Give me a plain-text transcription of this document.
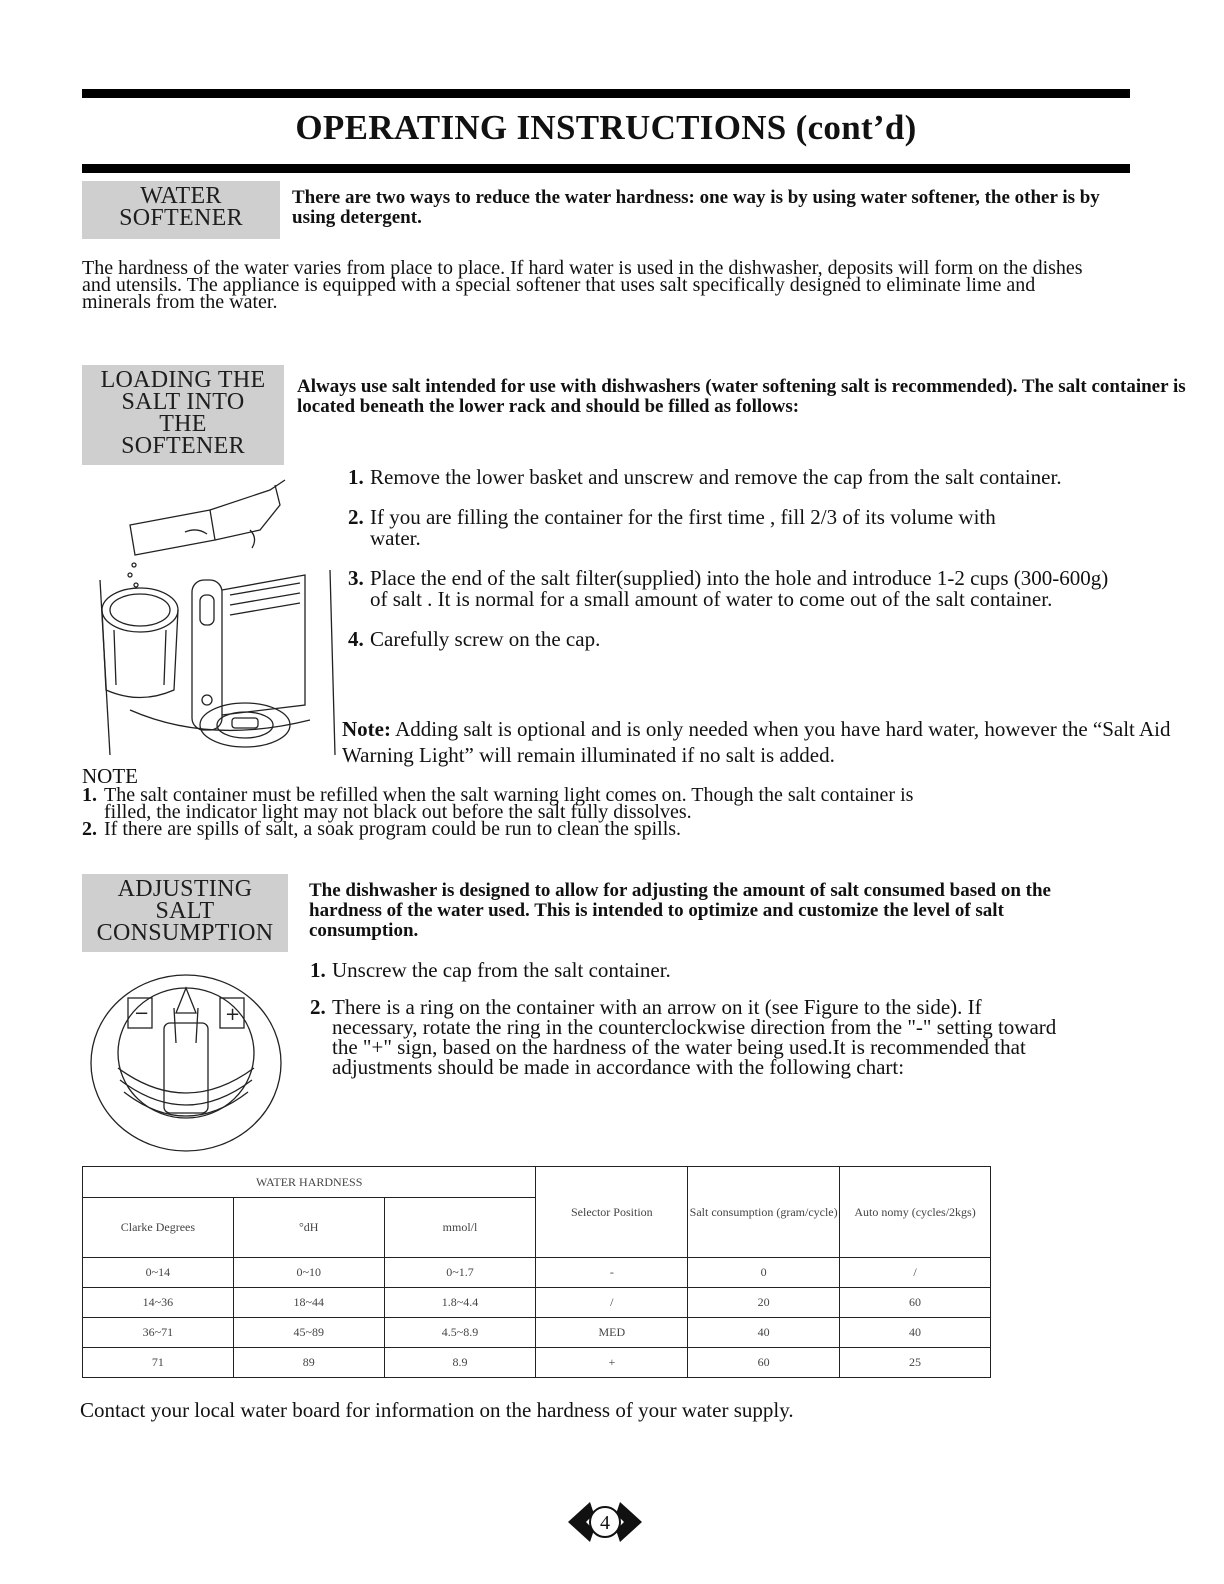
OPERATING INSTRUCTIONS (cont’d)
WATER
SOFTENER
There are two ways to reduce the water hardness: one way is by using water softener, the other is by using detergent.
The hardness of the water varies from place to place. If hard water is used in the dishwasher, deposits will form on the dishes and utensils. The appliance is equipped with a special softener that uses salt specifically designed to eliminate lime and minerals from the water.
LOADING THE
SALT INTO
THE
SOFTENER
Always use salt intended for use with dishwashers (water softening salt is recommended). The salt container is located beneath the lower rack and should be filled as follows:
1. Remove the lower basket and unscrew and remove the cap from the salt container.
2. If you are filling the container for the first time , fill 2/3 of its volume with water.
3. Place the end of the salt filter(supplied) into the hole and introduce 1-2 cups (300-600g) of salt . It is normal for a small amount of water to come out of the salt container.
4. Carefully screw on the cap.
Note: Adding salt is optional and is only needed when you have hard water, however the “Salt Aid Warning Light” will remain illuminated if no salt is added.
NOTE
1. The salt container must be refilled when the salt warning light comes on. Though the salt container is filled, the indicator light may not black out before the salt fully dissolves.
2. If there are spills of salt, a soak program could be run to clean the spills.
ADJUSTING
SALT
CONSUMPTION
The dishwasher is designed to allow for adjusting the amount of salt consumed based on the hardness of the water used. This is intended to optimize and customize the level of salt consumption.
−	+
1. Unscrew the cap from the salt container.
2. There is a ring on the container with an arrow on it (see Figure to the side). If necessary, rotate the ring in the counterclockwise direction from the "-" setting toward the "+" sign, based on the hardness of the water being used.It is recommended that adjustments should be made in accordance with the following chart:
WATER HARDNESS			Selector Position	Salt consumption (gram/cycle)	Auto nomy (cycles/2kgs)
Clarke Degrees	°dH	mmol/l			
0~14	0~10	0~1.7	-	0	/
14~36	18~44	1.8~4.4	/	20	60
36~71	45~89	4.5~8.9	MED	40	40
71	89	8.9	+	60	25
Contact your local water board for information on the hardness of your water supply.
4
